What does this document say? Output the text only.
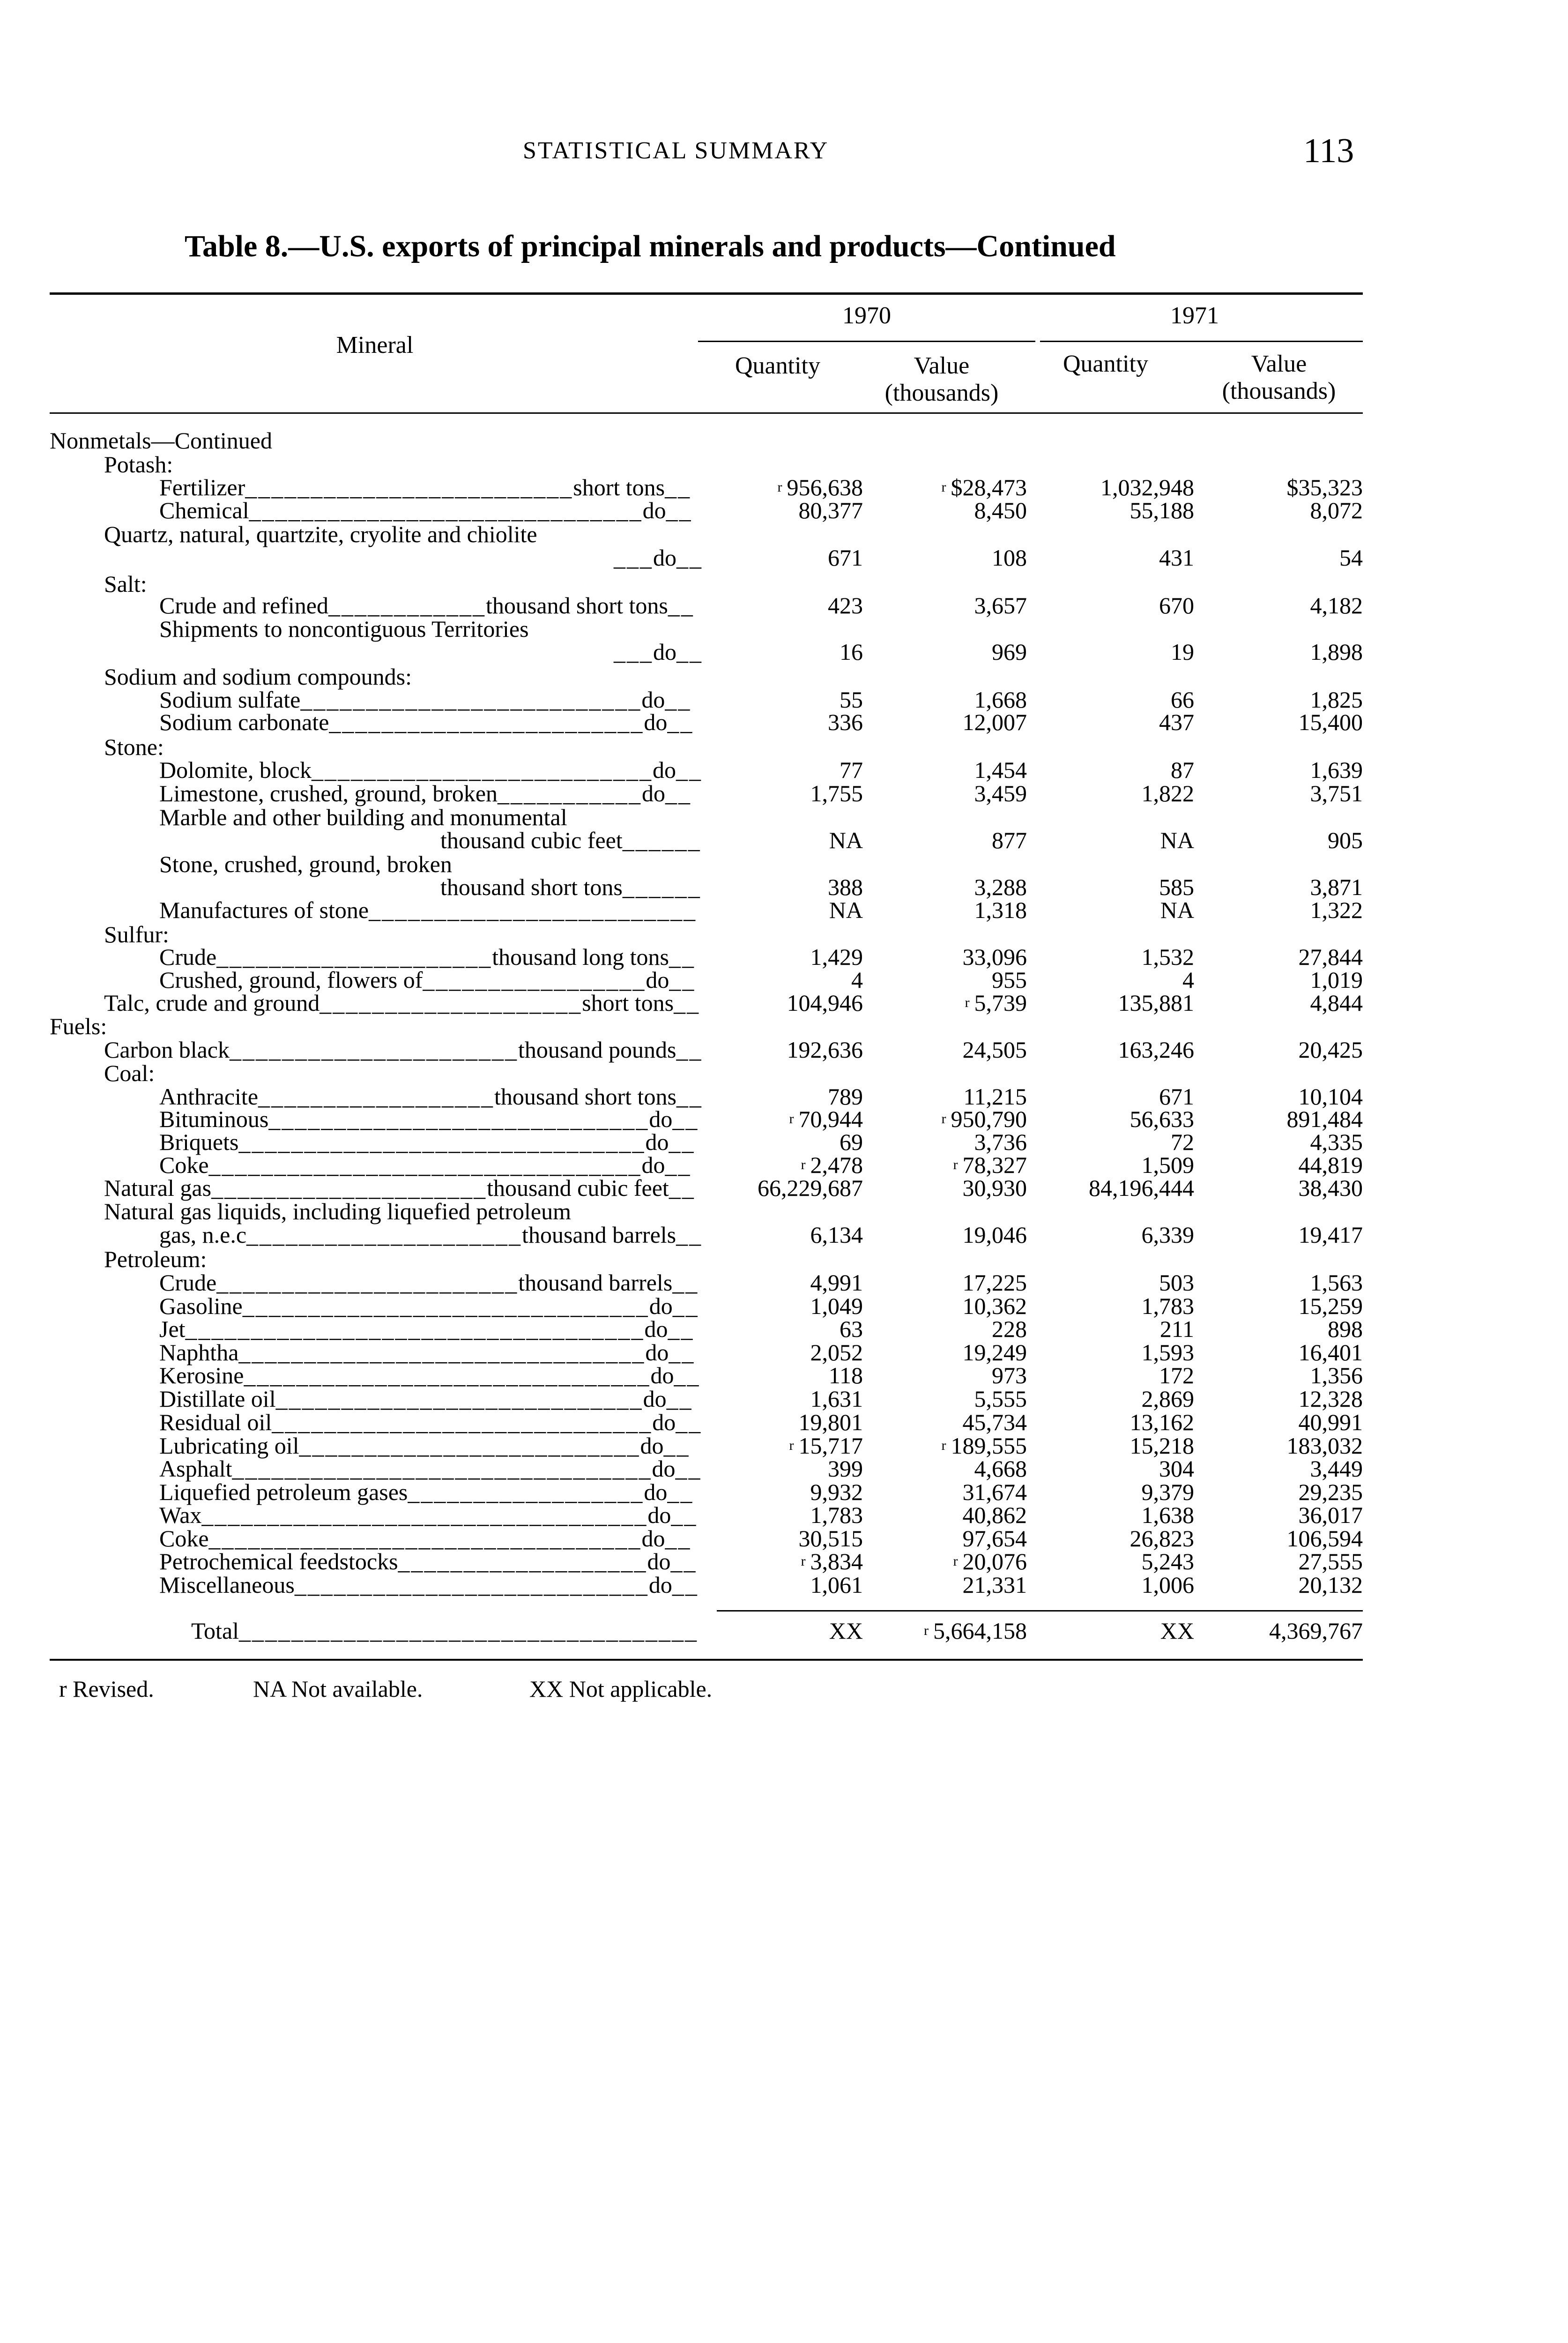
STATISTICAL SUMMARY	113
Table 8.—U.S. exports of principal minerals and products—Continued
Mineral
1970	1971
Quantity	Value
(thousands)
Quantity	Value
(thousands)
Nonmetals—Continued
Potash:
Fertilizer_________________________short tons__	$^r$ 956,638	$^r$ $28,473	1,032,948	$35,323
Chemical______________________________do__	80,377	8,450	55,188	8,072
Quartz, natural, quartzite, cryolite and chiolite
___do__	671	108	431	54
Salt:
Crude and refined____________thousand short tons__	423	3,657	670	4,182
Shipments to noncontiguous Territories
___do__	16	969	19	1,898
Sodium and sodium compounds:
Sodium sulfate__________________________do__	55	1,668	66	1,825
Sodium carbonate________________________do__	336	12,007	437	15,400
Stone:
Dolomite, block__________________________do__	77	1,454	87	1,639
Limestone, crushed, ground, broken___________do__	1,755	3,459	1,822	3,751
Marble and other building and monumental
thousand cubic feet______	NA	877	NA	905
Stone, crushed, ground, broken
thousand short tons______	388	3,288	585	3,871
Manufactures of stone_________________________	NA	1,318	NA	1,322
Sulfur:
Crude_____________________thousand long tons__	1,429	33,096	1,532	27,844
Crushed, ground, flowers of_________________do__	4	955	4	1,019
Talc, crude and ground____________________short tons__	104,946	$^r$ 5,739	135,881	4,844
Fuels:
Carbon black______________________thousand pounds__	192,636	24,505	163,246	20,425
Coal:
Anthracite__________________thousand short tons__	789	11,215	671	10,104
Bituminous_____________________________do__	$^r$ 70,944	$^r$ 950,790	56,633	891,484
Briquets_______________________________do__	69	3,736	72	4,335
Coke_________________________________do__	$^r$ 2,478	$^r$ 78,327	1,509	44,819
Natural gas_____________________thousand cubic feet__	66,229,687	30,930	84,196,444	38,430
Natural gas liquids, including liquefied petroleum
gas, n.e.c_____________________thousand barrels__	6,134	19,046	6,339	19,417
Petroleum:
Crude_______________________thousand barrels__	4,991	17,225	503	1,563
Gasoline_______________________________do__	1,049	10,362	1,783	15,259
Jet___________________________________do__	63	228	211	898
Naphtha_______________________________do__	2,052	19,249	1,593	16,401
Kerosine_______________________________do__	118	973	172	1,356
Distillate oil____________________________do__	1,631	5,555	2,869	12,328
Residual oil_____________________________do__	19,801	45,734	13,162	40,991
Lubricating oil__________________________do__	$^r$ 15,717	$^r$ 189,555	15,218	183,032
Asphalt________________________________do__	399	4,668	304	3,449
Liquefied petroleum gases__________________do__	9,932	31,674	9,379	29,235
Wax__________________________________do__	1,783	40,862	1,638	36,017
Coke_________________________________do__	30,515	97,654	26,823	106,594
Petrochemical feedstocks___________________do__	$^r$ 3,834	$^r$ 20,076	5,243	27,555
Miscellaneous___________________________do__	1,061	21,331	1,006	20,132
Total___________________________________	XX	$^r$ 5,664,158	XX	4,369,767
r Revised.	NA Not available.	XX Not applicable.
